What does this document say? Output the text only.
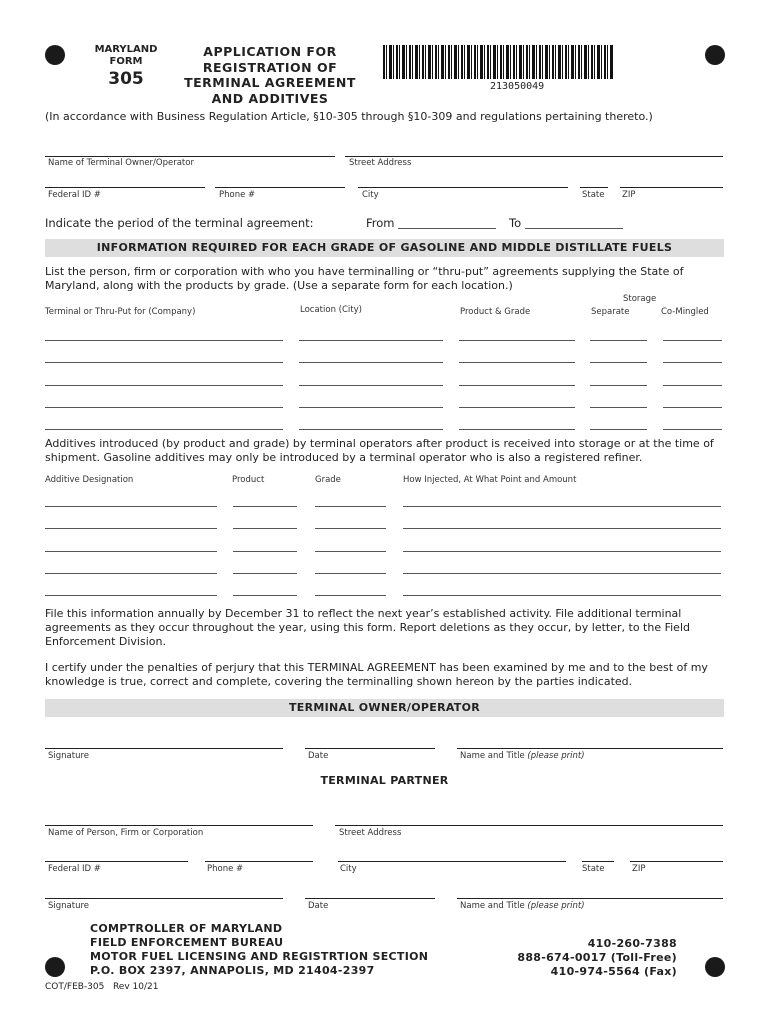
MARYLAND
FORM
305
APPLICATION FOR
REGISTRATION OF
TERMINAL AGREEMENT
AND ADDITIVES
213050049
(In accordance with Business Regulation Article, §10-305 through §10-309 and regulations pertaining thereto.)
Name of Terminal Owner/Operator	Street Address
Federal ID #	Phone #	City	State ZIP
Indicate the period of the terminal agreement:	From	To
INFORMATION REQUIRED FOR EACH GRADE OF GASOLINE AND MIDDLE DISTILLATE FUELS
List the person, firm or corporation with who you have terminalling or “thru-put” agreements supplying the State of Maryland, along with the products by grade. (Use a separate form for each location.)
Terminal or Thru-Put for (Company)	Location (City)	Product & Grade
Storage
Separate	Co-Mingled
Additives introduced (by product and grade) by terminal operators after product is received into storage or at the time of shipment. Gasoline additives may only be introduced by a terminal operator who is also a registered refiner.
Additive Designation	Product	Grade	How Injected, At What Point and Amount
File this information annually by December 31 to reflect the next year’s established activity. File additional terminal agreements as they occur throughout the year, using this form. Report deletions as they occur, by letter, to the Field Enforcement Division.
I certify under the penalties of perjury that this TERMINAL AGREEMENT has been examined by me and to the best of my knowledge is true, correct and complete, covering the terminalling shown hereon by the parties indicated.
TERMINAL OWNER/OPERATOR
Signature	Date	Name and Title (please print)
TERMINAL PARTNER
Name of Person, Firm or Corporation	Street Address
Federal ID #	Phone #	City	State	ZIP
Signature	Date	Name and Title (please print)
COMPTROLLER OF MARYLAND
FIELD ENFORCEMENT BUREAU
MOTOR FUEL LICENSING AND REGISTRTION SECTION
P.O. BOX 2397, ANNAPOLIS, MD 21404-2397
410-260-7388
888-674-0017 (Toll-Free)
410-974-5564 (Fax)
COT/FEB-305   Rev 10/21
